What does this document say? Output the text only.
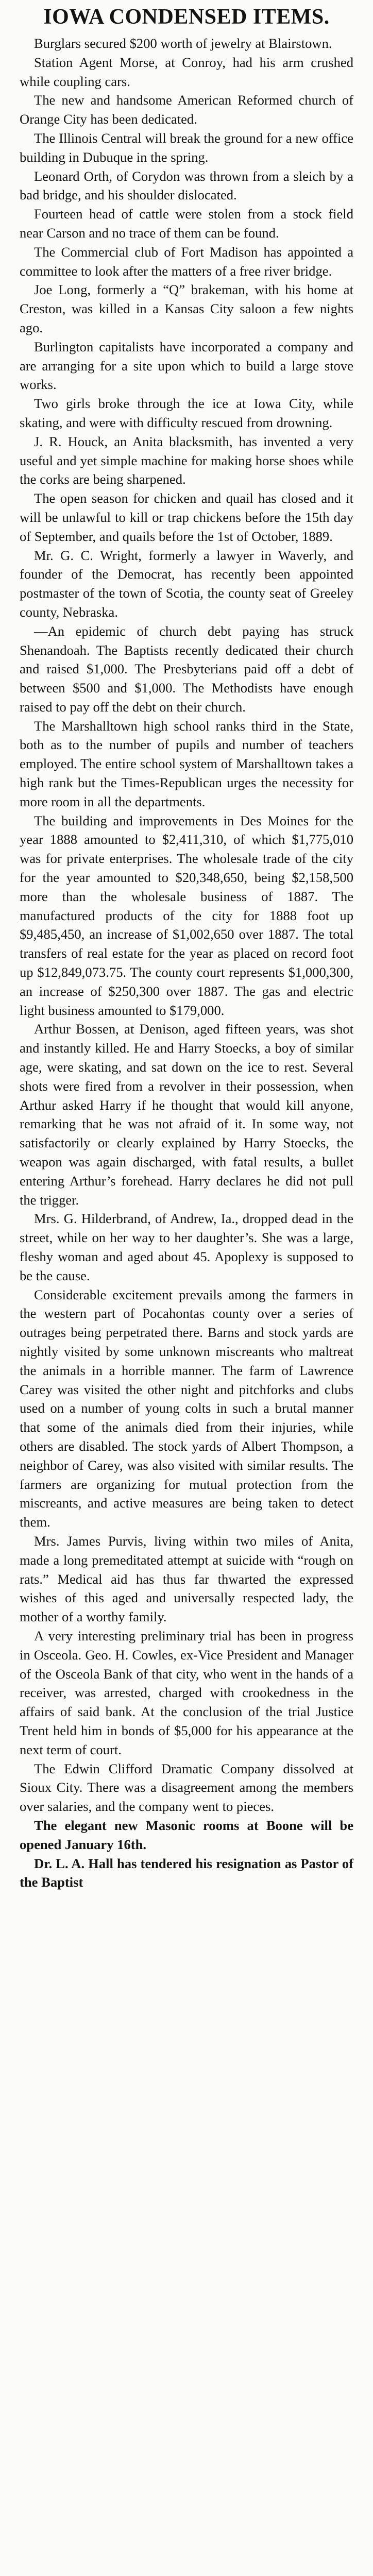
IOWA CONDENSED ITEMS.

Burglars secured $200 worth of jewelry at Blairstown.

Station Agent Morse, at Conroy, had his arm crushed while coupling cars.

The new and handsome American Reformed church of Orange City has been dedicated.

The Illinois Central will break the ground for a new office building in Dubuque in the spring.

Leonard Orth, of Corydon was thrown from a sleich by a bad bridge, and his shoulder dislocated.

Fourteen head of cattle were stolen from a stock field near Carson and no trace of them can be found.

The Commercial club of Fort Madison has appointed a committee to look after the matters of a free river bridge.

Joe Long, formerly a “Q” brakeman, with his home at Creston, was killed in a Kansas City saloon a few nights ago.

Burlington capitalists have incorporated a company and are arranging for a site upon which to build a large stove works.

Two girls broke through the ice at Iowa City, while skating, and were with difficulty rescued from drowning.

J. R. Houck, an Anita blacksmith, has invented a very useful and yet simple machine for making horse shoes while the corks are being sharpened.

The open season for chicken and quail has closed and it will be unlawful to kill or trap chickens before the 15th day of September, and quails before the 1st of October, 1889.

Mr. G. C. Wright, formerly a lawyer in Waverly, and founder of the Democrat, has recently been appointed postmaster of the town of Scotia, the county seat of Greeley county, Nebraska.

—An epidemic of church debt paying has struck Shenandoah. The Baptists recently dedicated their church and raised $1,000. The Presbyterians paid off a debt of between $500 and $1,000. The Methodists have enough raised to pay off the debt on their church.

The Marshalltown high school ranks third in the State, both as to the number of pupils and number of teachers employed. The entire school system of Marshalltown takes a high rank but the Times-Republican urges the necessity for more room in all the departments.

The building and improvements in Des Moines for the year 1888 amounted to $2,411,310, of which $1,775,010 was for private enterprises. The wholesale trade of the city for the year amounted to $20,348,650, being $2,158,500 more than the wholesale business of 1887. The manufactured products of the city for 1888 foot up $9,485,450, an increase of $1,002,650 over 1887. The total transfers of real estate for the year as placed on record foot up $12,849,073.75. The county court represents $1,000,300, an increase of $250,300 over 1887. The gas and electric light business amounted to $179,000.

Arthur Bossen, at Denison, aged fifteen years, was shot and instantly killed. He and Harry Stoecks, a boy of similar age, were skating, and sat down on the ice to rest. Several shots were fired from a revolver in their possession, when Arthur asked Harry if he thought that would kill anyone, remarking that he was not afraid of it. In some way, not satisfactorily or clearly explained by Harry Stoecks, the weapon was again discharged, with fatal results, a bullet entering Arthur’s forehead. Harry declares he did not pull the trigger.

Mrs. G. Hilderbrand, of Andrew, Ia., dropped dead in the street, while on her way to her daughter’s. She was a large, fleshy woman and aged about 45. Apoplexy is supposed to be the cause.

Considerable excitement prevails among the farmers in the western part of Pocahontas county over a series of outrages being perpetrated there. Barns and stock yards are nightly visited by some unknown miscreants who maltreat the animals in a horrible manner. The farm of Lawrence Carey was visited the other night and pitchforks and clubs used on a number of young colts in such a brutal manner that some of the animals died from their injuries, while others are disabled. The stock yards of Albert Thompson, a neighbor of Carey, was also visited with similar results. The farmers are organizing for mutual protection from the miscreants, and active measures are being taken to detect them.

Mrs. James Purvis, living within two miles of Anita, made a long premeditated attempt at suicide with “rough on rats.” Medical aid has thus far thwarted the expressed wishes of this aged and universally respected lady, the mother of a worthy family.

A very interesting preliminary trial has been in progress in Osceola. Geo. H. Cowles, ex-Vice President and Manager of the Osceola Bank of that city, who went in the hands of a receiver, was arrested, charged with crookedness in the affairs of said bank. At the conclusion of the trial Justice Trent held him in bonds of $5,000 for his appearance at the next term of court.

The Edwin Clifford Dramatic Company dissolved at Sioux City. There was a disagreement among the members over salaries, and the company went to pieces.

The elegant new Masonic rooms at Boone will be opened January 16th.

Dr. L. A. Hall has tendered his resignation as Pastor of the Baptist
